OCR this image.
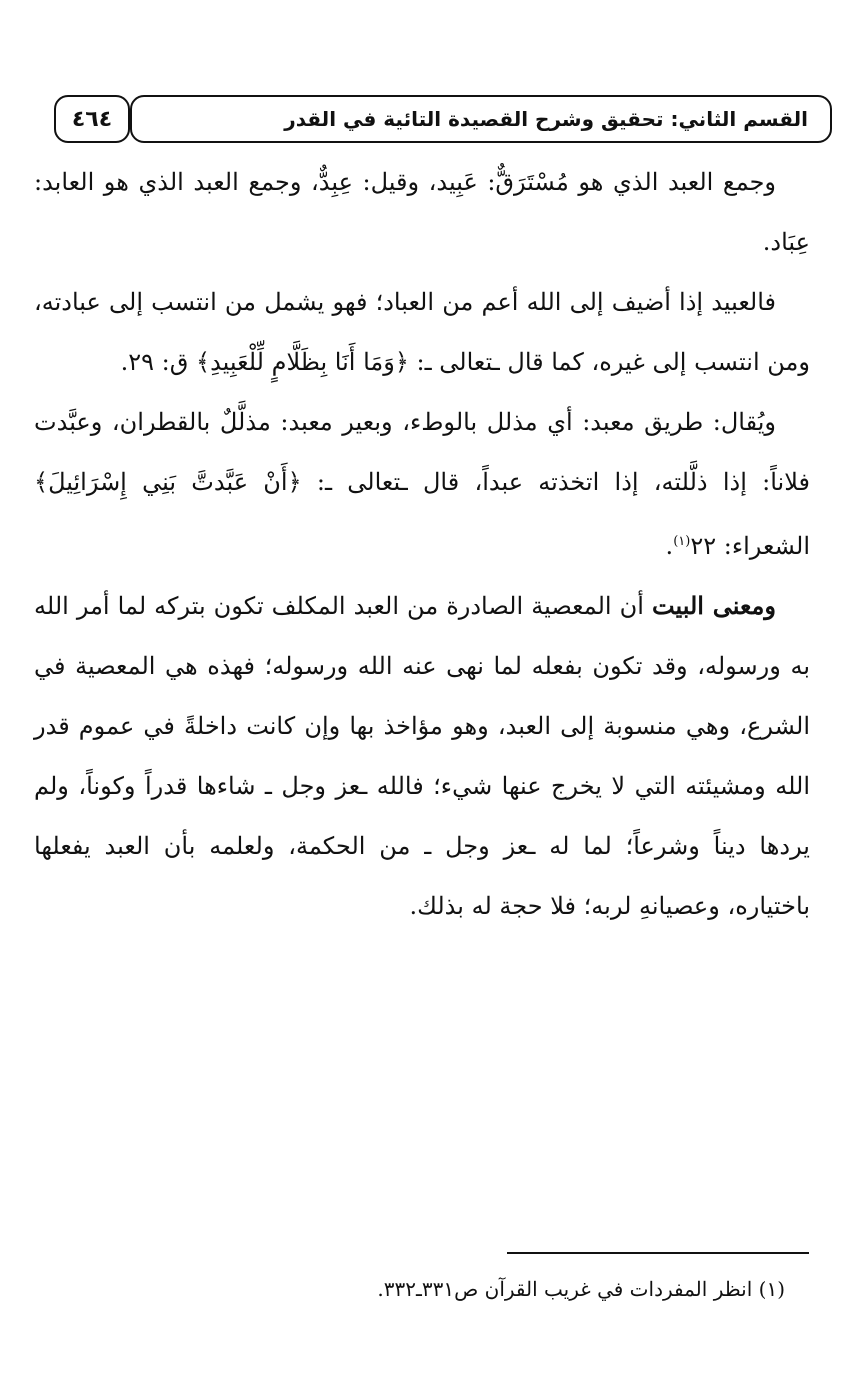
القسم الثاني: تحقيق وشرح القصيدة التائية في القدر
٤٦٤

وجمع العبد الذي هو مُسْتَرَقٌّ: عَبِيد، وقيل: عِبِدٌّ، وجمع العبد الذي هو العابد: عِبَاد.

فالعبيد إذا أضيف إلى الله أعم من العباد؛ فهو يشمل من انتسب إلى عبادته، ومن انتسب إلى غيره، كما قال ـتعالى ـ: ﴿وَمَا أَنَا بِظَلَّامٍ لِّلْعَبِيدِ﴾ ق: ٢٩.

ويُقال: طريق معبد: أي مذلل بالوطء، وبعير معبد: مذلَّلٌ بالقطران، وعبَّدت فلاناً: إذا ذلَّلته، إذا اتخذته عبداً، قال ـتعالى ـ: ﴿أَنْ عَبَّدتَّ بَنِي إِسْرَائِيلَ﴾ الشعراء: ٢٢$^{(١)}$.

ومعنى البيت أن المعصية الصادرة من العبد المكلف تكون بتركه لما أمر الله به ورسوله، وقد تكون بفعله لما نهى عنه الله ورسوله؛ فهذه هي المعصية في الشرع، وهي منسوبة إلى العبد، وهو مؤاخذ بها وإن كانت داخلةً في عموم قدر الله ومشيئته التي لا يخرج عنها شيء؛ فالله ـعز وجل ـ شاءها قدراً وكوناً، ولم يردها ديناً وشرعاً؛ لما له ـعز وجل ـ من الحكمة، ولعلمه بأن العبد يفعلها باختياره، وعصيانهِ لربه؛ فلا حجة له بذلك.

(١) انظر المفردات في غريب القرآن ص٣٣١ـ٣٣٢.
